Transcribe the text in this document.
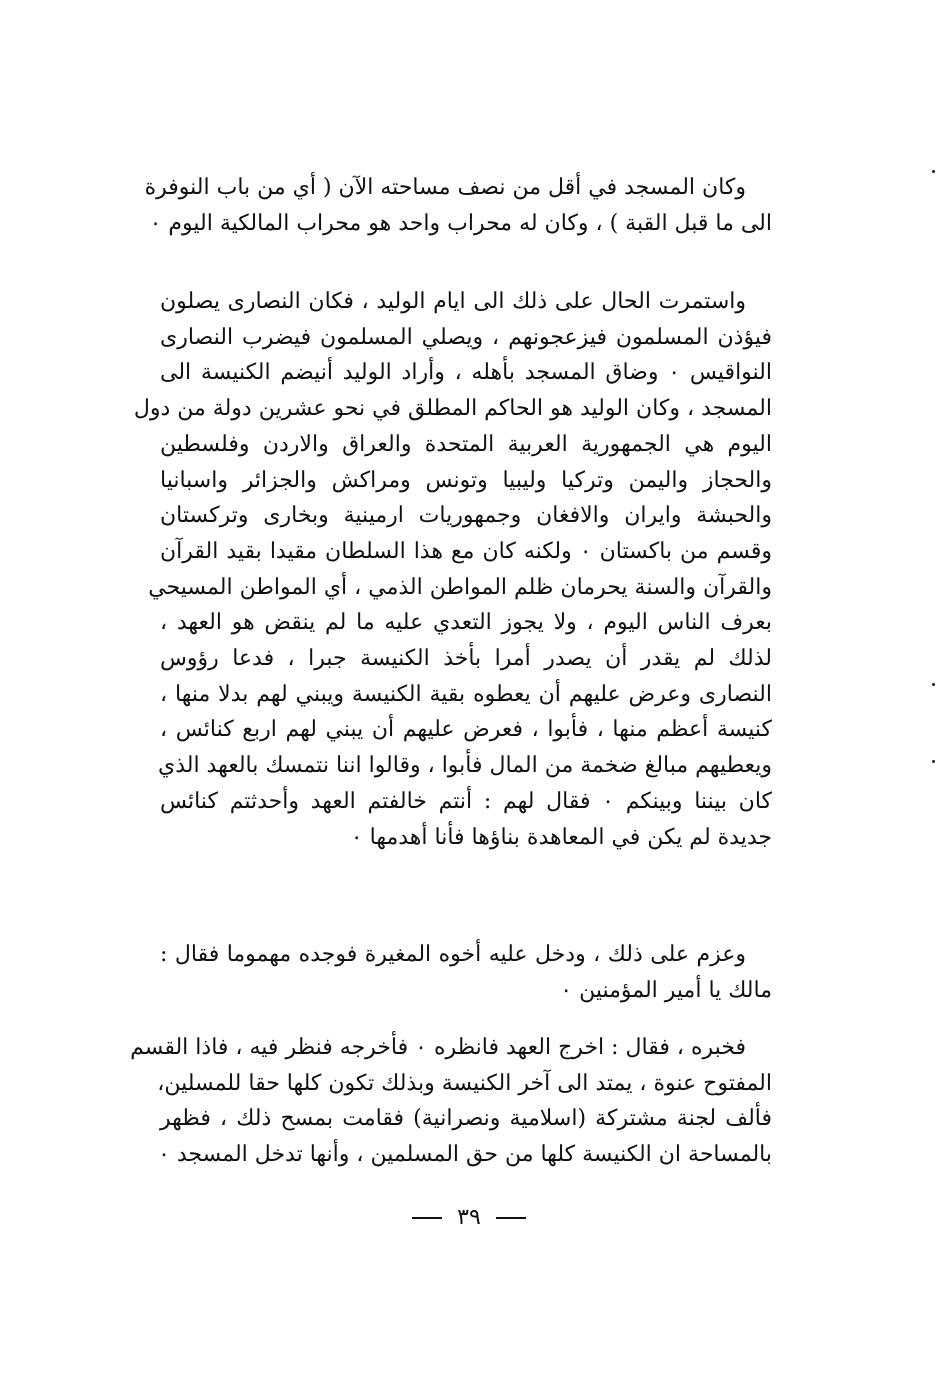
وكان المسجد في أقل من نصف مساحته الآن ( أي من باب النوفرة
الى ما قبل القبة ) ، وكان له محراب واحد هو محراب المالكية اليوم ٠
واستمرت الحال على ذلك الى ايام الوليد ، فكان النصارى يصلون
فيؤذن المسلمون فيزعجونهم ، ويصلي المسلمون فيضرب النصارى
النواقيس ٠ وضاق المسجد بأهله ، وأراد الوليد أنيضم الكنيسة الى
المسجد ، وكان الوليد هو الحاكم المطلق في نحو عشرين دولة من دول
اليوم هي الجمهورية العربية المتحدة والعراق والاردن وفلسطين
والحجاز واليمن وتركيا وليبيا وتونس ومراكش والجزائر واسبانيا
والحبشة وايران والافغان وجمهوريات ارمينية وبخارى وتركستان
وقسم من باكستان ٠ ولكنه كان مع هذا السلطان مقيدا بقيد القرآن
والقرآن والسنة يحرمان ظلم المواطن الذمي ، أي المواطن المسيحي
بعرف الناس اليوم ، ولا يجوز التعدي عليه ما لم ينقض هو العهد ،
لذلك لم يقدر أن يصدر أمرا بأخذ الكنيسة جبرا ، فدعا رؤوس
النصارى وعرض عليهم أن يعطوه بقية الكنيسة ويبني لهم بدلا منها ،
كنيسة أعظم منها ، فأبوا ، فعرض عليهم أن يبني لهم اربع كنائس ،
ويعطيهم مبالغ ضخمة من المال فأبوا ، وقالوا اننا نتمسك بالعهد الذي
كان بيننا وبينكم ٠ فقال لهم : أنتم خالفتم العهد وأحدثتم كنائس
جديدة لم يكن في المعاهدة بناؤها فأنا أهدمها ٠
وعزم على ذلك ، ودخل عليه أخوه المغيرة فوجده مهموما فقال :
مالك يا أمير المؤمنين ٠
فخبره ، فقال : اخرج العهد فانظره ٠ فأخرجه فنظر فيه ، فاذا القسم
المفتوح عنوة ، يمتد الى آخر الكنيسة وبذلك تكون كلها حقا للمسلين،
فألف لجنة مشتركة (اسلامية ونصرانية) فقامت بمسح ذلك ، فظهر
بالمساحة ان الكنيسة كلها من حق المسلمين ، وأنها تدخل المسجد ٠
٣٩
